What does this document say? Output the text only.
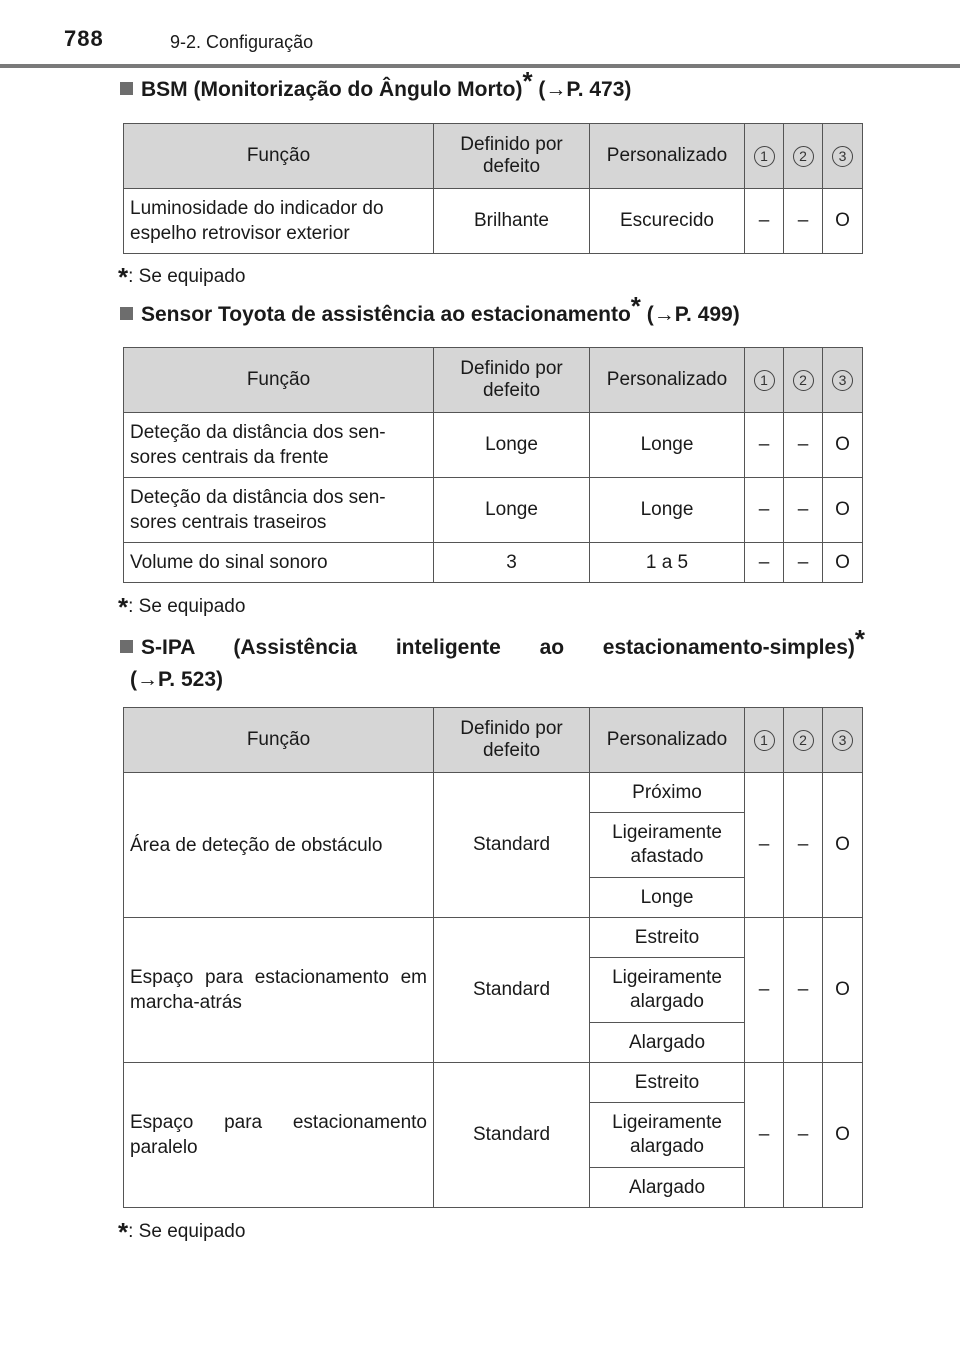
788	9-2. Configuração
BSM (Monitorização do Ângulo Morto)* (→P. 473)
Função	Definido por defeito	Personalizado	1	2	3
Luminosidade do indicador do espelho retrovisor exterior	Brilhante	Escurecido	–	–	O
*: Se equipado
Sensor Toyota de assistência ao estacionamento* (→P. 499)
Função	Definido por defeito	Personalizado	1	2	3
Deteção da distância dos sen-sores centrais da frente	Longe	Longe	–	–	O
Deteção da distância dos sen-sores centrais traseiros	Longe	Longe	–	–	O
Volume do sinal sonoro	3	1 a 5	–	–	O
*: Se equipado
S-IPA (Assistência inteligente ao estacionamento-simples)*
(→P. 523)
Função	Definido por defeito	Personalizado	1	2	3
Área de deteção de obstáculo	Standard	Próximo	–	–	O
		Ligeiramente afastado			
		Longe			
Espaço para estacionamento em marcha-atrás	Standard	Estreito	–	–	O
		Ligeiramente alargado			
		Alargado			
Espaço para estacionamento paralelo	Standard	Estreito	–	–	O
		Ligeiramente alargado			
		Alargado			
*: Se equipado
